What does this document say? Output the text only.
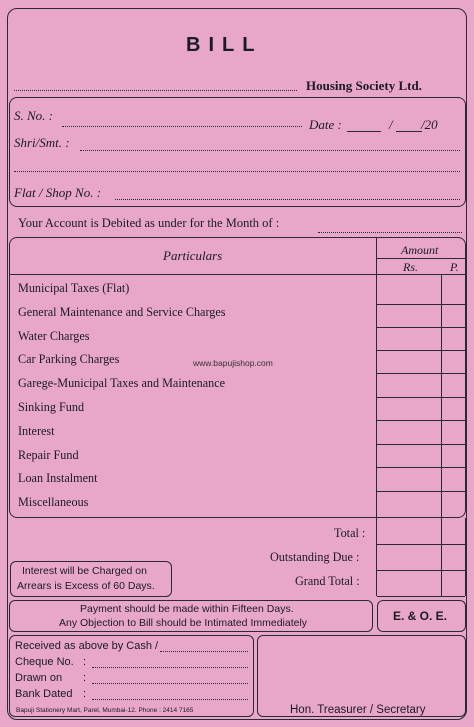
BILL
Housing Society Ltd.
S. No. :
Date :	/ /20
Shri/Smt. :
Flat / Shop No. :
Your Account is Debited as under for the Month of :
Particulars	Amount
Rs.	P.
Municipal Taxes (Flat)
General Maintenance and Service Charges
Water Charges
Car Parking Charges	www.bapujishop.com
Garege-Municipal Taxes and Maintenance
Sinking Fund
Interest
Repair Fund
Loan Instalment
Miscellaneous
Total :
Outstanding Due :
Grand Total :
Interest will be Charged on
Arrears is Excess of 60 Days.
Payment should be made within Fifteen Days.
Any Objection to Bill should be Intimated Immediately	E. & O. E.
Received as above by Cash /
Cheque No. :
Drawn on :
Bank Dated :
Bapuji Stationery Mart, Parel, Mumbai-12. Phone : 2414 7165	Hon. Treasurer / Secretary
